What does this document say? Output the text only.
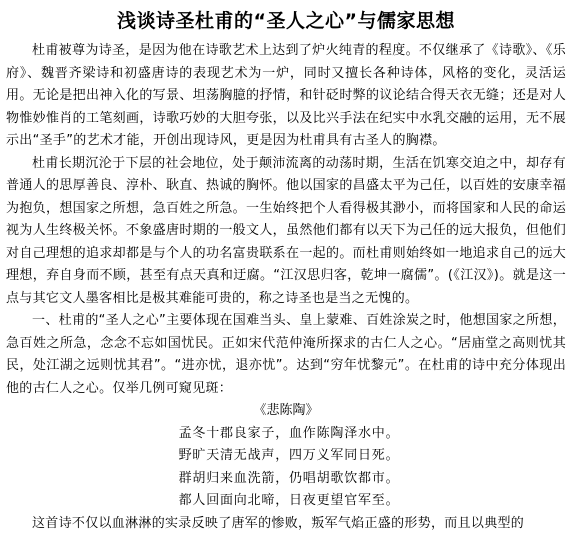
浅谈诗圣杜甫的“圣人之心”与儒家思想

杜甫被尊为诗圣，是因为他在诗歌艺术上达到了炉火纯青的程度。不仅继承了《诗歌》、《乐府》、魏晋齐梁诗和初盛唐诗的表现艺术为一炉，同时又擅长各种诗体，风格的变化，灵活运用。无论是把出神入化的写景、坦荡胸臆的抒情，和针砭时弊的议论结合得天衣无缝；还是对人物惟妙惟肖的工笔刻画，诗歌巧妙的大胆夸张，以及比兴手法在纪实中水乳交融的运用，无不展示出“圣手”的艺术才能，开创出现诗风，更是因为杜甫具有古圣人的胸襟。

杜甫长期沉沦于下层的社会地位，处于颠沛流离的动荡时期，生活在饥寒交迫之中，却存有普通人的思厚善良、淳朴、耿直、热诚的胸怀。他以国家的昌盛太平为己任，以百姓的安康幸福为抱负，想国家之所想，急百姓之所急。一生始终把个人看得极其渺小，而将国家和人民的命运视为人生终极关怀。不象盛唐时期的一般文人，虽然他们都有以天下为己任的远大报负，但他们对自己理想的追求却都是与个人的功名富贵联系在一起的。而杜甫则始终如一地追求自己的远大理想，弃自身而不顾，甚至有点天真和迂腐。“江汉思归客，乾坤一腐儒”。(《江汉》)。就是这一点与其它文人墨客相比是极其难能可贵的，称之诗圣也是当之无愧的。

一、杜甫的“圣人之心”主要体现在国难当头、皇上蒙难、百姓涂炭之时，他想国家之所想，急百姓之所急，念念不忘如国忧民。正如宋代范仲淹所探求的古仁人之心。“居庙堂之高则忧其民，处江湖之远则忧其君”。“进亦忧，退亦忧”。达到“穷年忧黎元”。在杜甫的诗中充分体现出他的古仁人之心。仅举几例可窥见斑：

《悲陈陶》

孟冬十郡良家子，血作陈陶泽水中。

野旷天清无战声，四万义军同日死。

群胡归来血洗箭，仍唱胡歌饮都市。

都人回面向北啼，日夜更望官军至。

这首诗不仅以血淋淋的实录反映了唐军的惨败，叛军气焰正盛的形势，而且以典型的
